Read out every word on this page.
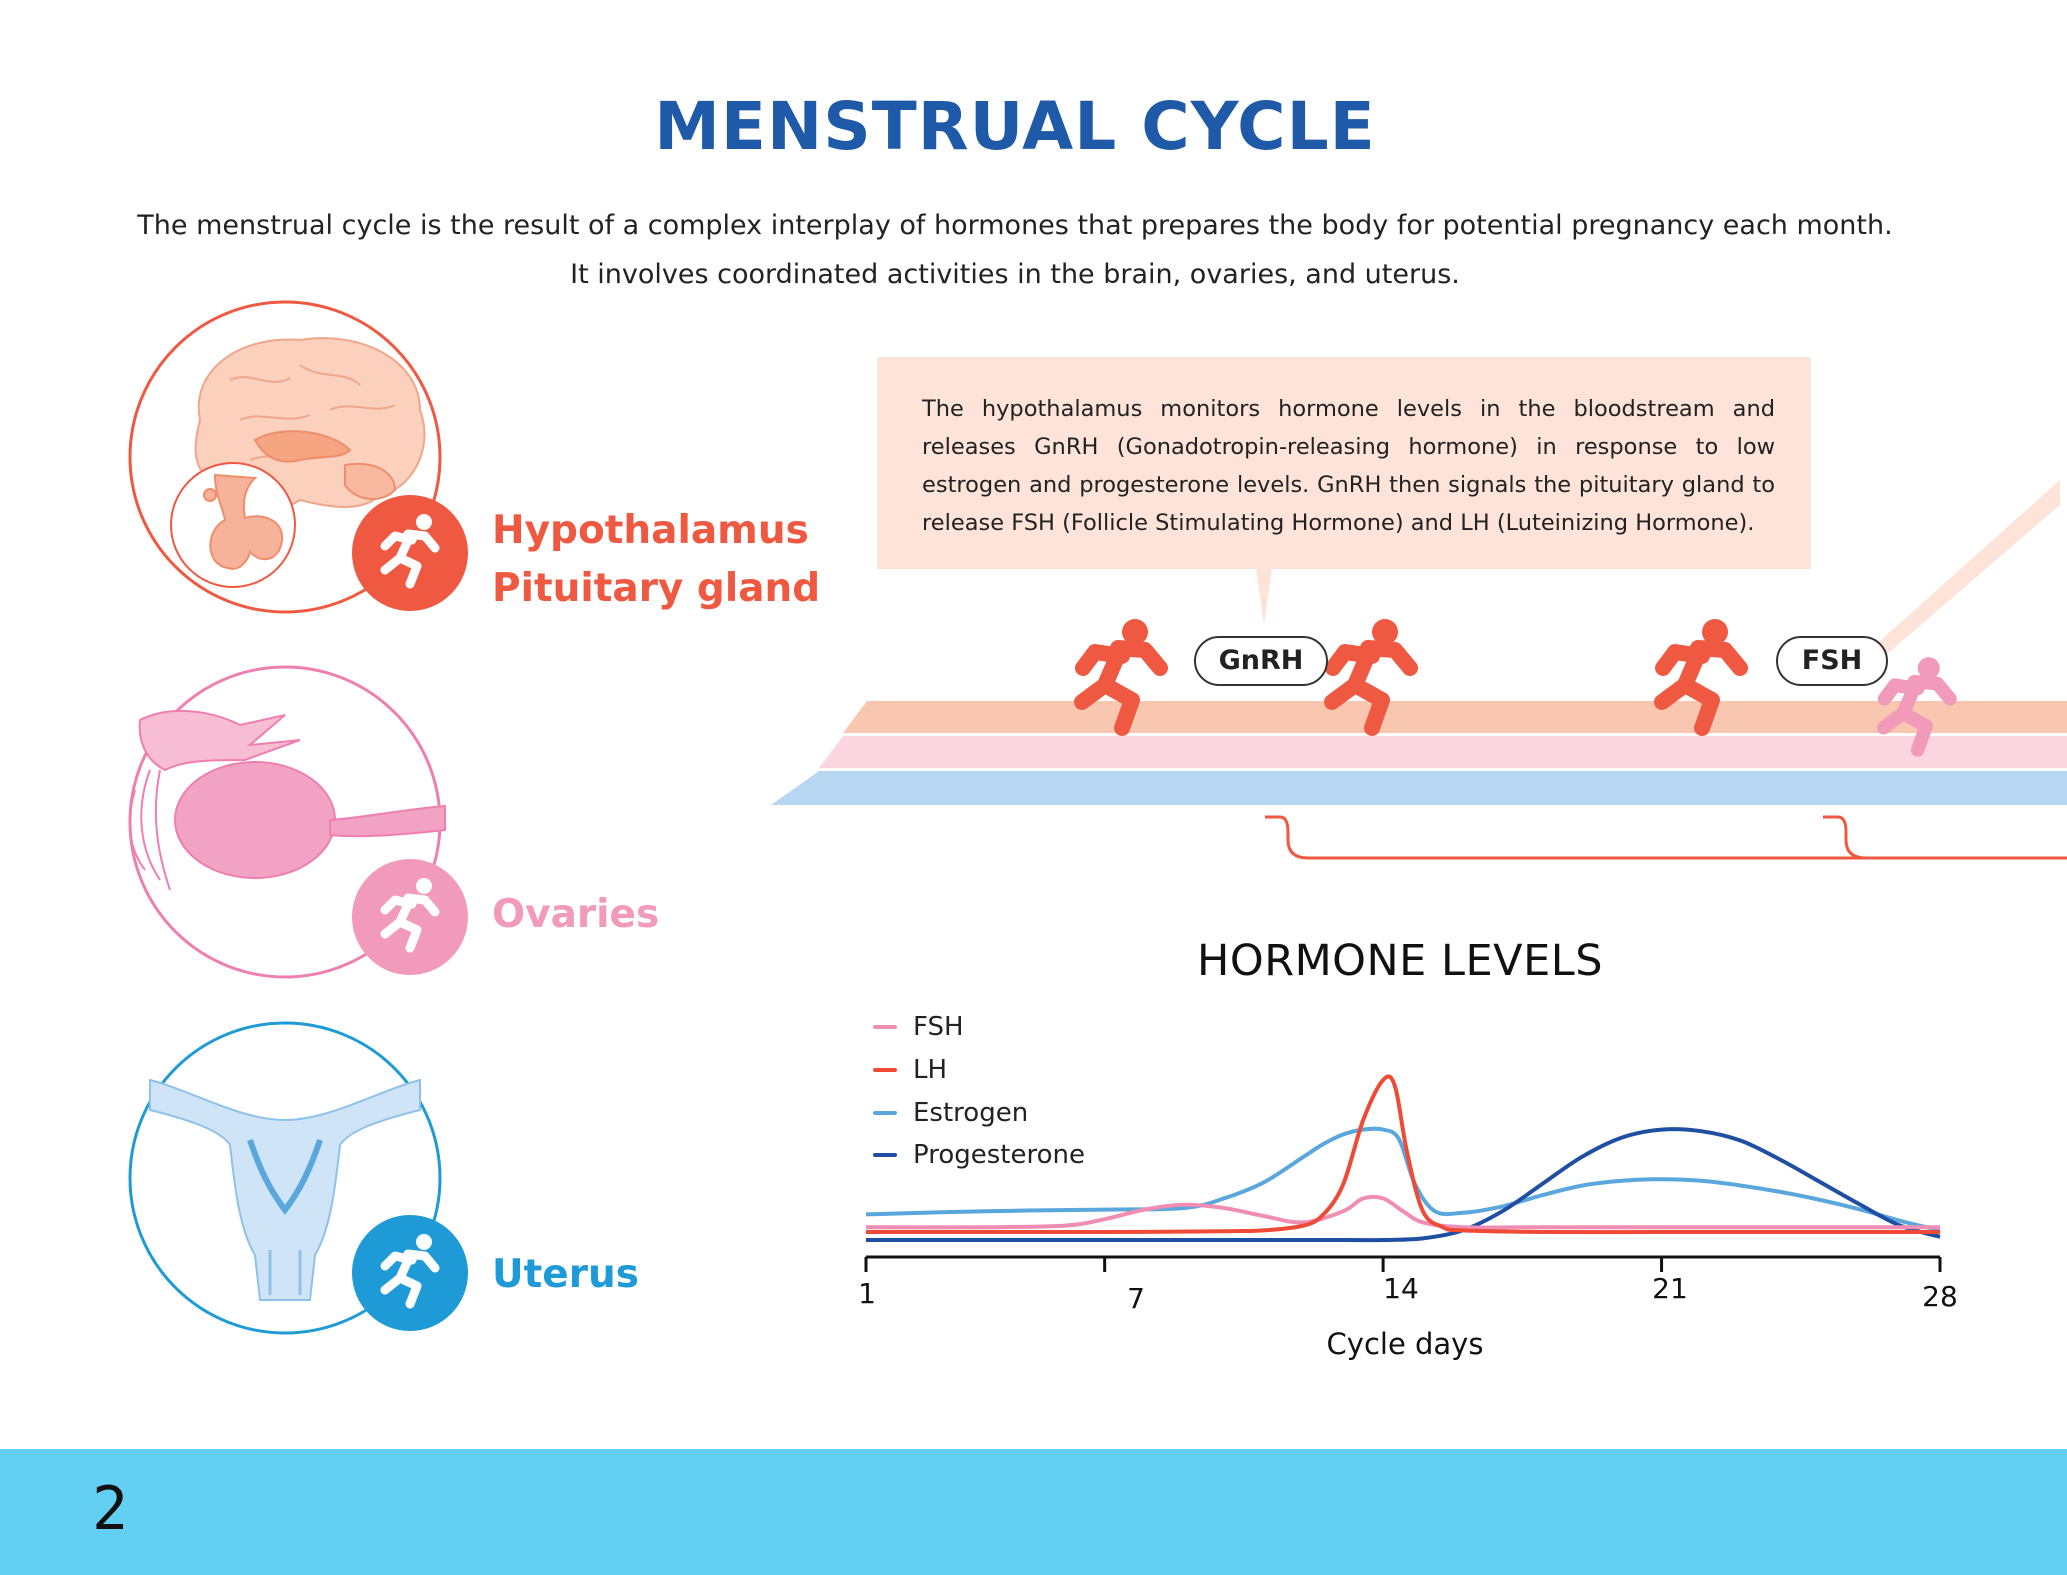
MENSTRUAL CYCLE
The menstrual cycle is the result of a complex interplay of hormones that prepares the body for potential pregnancy each month.
It involves coordinated activities in the brain, ovaries, and uterus.
Hypothalamus
Pituitary gland
Ovaries
Uterus
The hypothalamus monitors hormone levels in the bloodstream and releases GnRH (Gonadotropin-releasing hormone) in response to low estrogen and progesterone levels. GnRH then signals the pituitary gland to release FSH (Follicle Stimulating Hormone) and LH (Luteinizing Hormone).
GnRH	FSH
HORMONE LEVELS
FSH
LH
Estrogen
Progesterone
1	7	14	21	28
Cycle days
2
